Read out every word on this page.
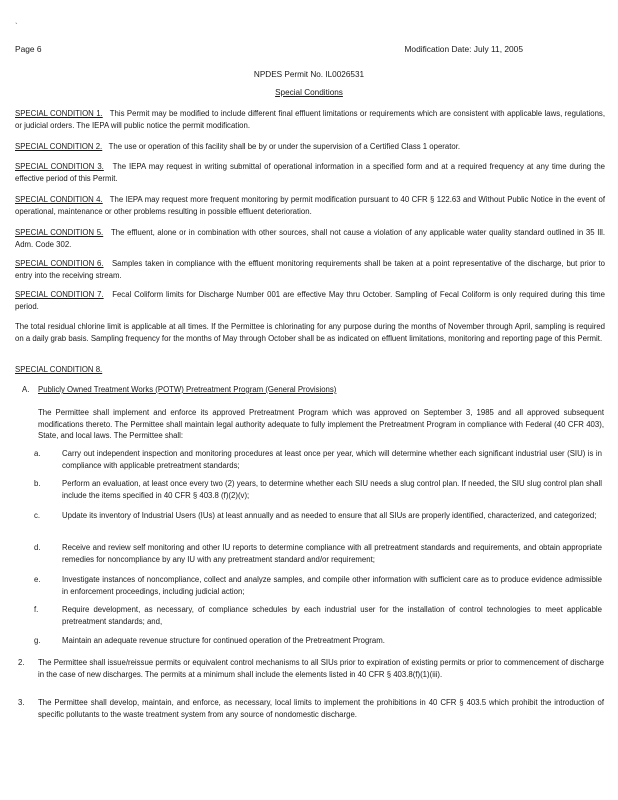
`
Page 6	Modification Date: July 11, 2005
NPDES Permit No. IL0026531
Special Conditions
SPECIAL CONDITION 1. This Permit may be modified to include different final effluent limitations or requirements which are consistent with applicable laws, regulations, or judicial orders. The IEPA will public notice the permit modification.
SPECIAL CONDITION 2. The use or operation of this facility shall be by or under the supervision of a Certified Class 1 operator.
SPECIAL CONDITION 3. The IEPA may request in writing submittal of operational information in a specified form and at a required frequency at any time during the effective period of this Permit.
SPECIAL CONDITION 4. The IEPA may request more frequent monitoring by permit modification pursuant to 40 CFR § 122.63 and Without Public Notice in the event of operational, maintenance or other problems resulting in possible effluent deterioration.
SPECIAL CONDITION 5. The effluent, alone or in combination with other sources, shall not cause a violation of any applicable water quality standard outlined in 35 Ill. Adm. Code 302.
SPECIAL CONDITION 6. Samples taken in compliance with the effluent monitoring requirements shall be taken at a point representative of the discharge, but prior to entry into the receiving stream.
SPECIAL CONDITION 7. Fecal Coliform limits for Discharge Number 001 are effective May thru October. Sampling of Fecal Coliform is only required during this time period.
The total residual chlorine limit is applicable at all times. If the Permittee is chlorinating for any purpose during the months of November through April, sampling is required on a daily grab basis. Sampling frequency for the months of May through October shall be as indicated on effluent limitations, monitoring and reporting page of this Permit.
SPECIAL CONDITION 8.
A. Publicly Owned Treatment Works (POTW) Pretreatment Program (General Provisions)
The Permittee shall implement and enforce its approved Pretreatment Program which was approved on September 3, 1985 and all approved subsequent modifications thereto. The Permittee shall maintain legal authority adequate to fully implement the Pretreatment Program in compliance with Federal (40 CFR 403), State, and local laws. The Permittee shall:
a.	Carry out independent inspection and monitoring procedures at least once per year, which will determine whether each significant industrial user (SIU) is in compliance with applicable pretreatment standards;
b.	Perform an evaluation, at least once every two (2) years, to determine whether each SIU needs a slug control plan. If needed, the SIU slug control plan shall include the items specified in 40 CFR § 403.8 (f)(2)(v);
c.	Update its inventory of Industrial Users (IUs) at least annually and as needed to ensure that all SIUs are properly identified, characterized, and categorized;
d.	Receive and review self monitoring and other IU reports to determine compliance with all pretreatment standards and requirements, and obtain appropriate remedies for noncompliance by any IU with any pretreatment standard and/or requirement;
e.	Investigate instances of noncompliance, collect and analyze samples, and compile other information with sufficient care as to produce evidence admissible in enforcement proceedings, including judicial action;
f.	Require development, as necessary, of compliance schedules by each industrial user for the installation of control technologies to meet applicable pretreatment standards; and,
g.	Maintain an adequate revenue structure for continued operation of the Pretreatment Program.
2.	The Permittee shall issue/reissue permits or equivalent control mechanisms to all SIUs prior to expiration of existing permits or prior to commencement of discharge in the case of new discharges. The permits at a minimum shall include the elements listed in 40 CFR § 403.8(f)(1)(iii).
3.	The Permittee shall develop, maintain, and enforce, as necessary, local limits to implement the prohibitions in 40 CFR § 403.5 which prohibit the introduction of specific pollutants to the waste treatment system from any source of nondomestic discharge.
